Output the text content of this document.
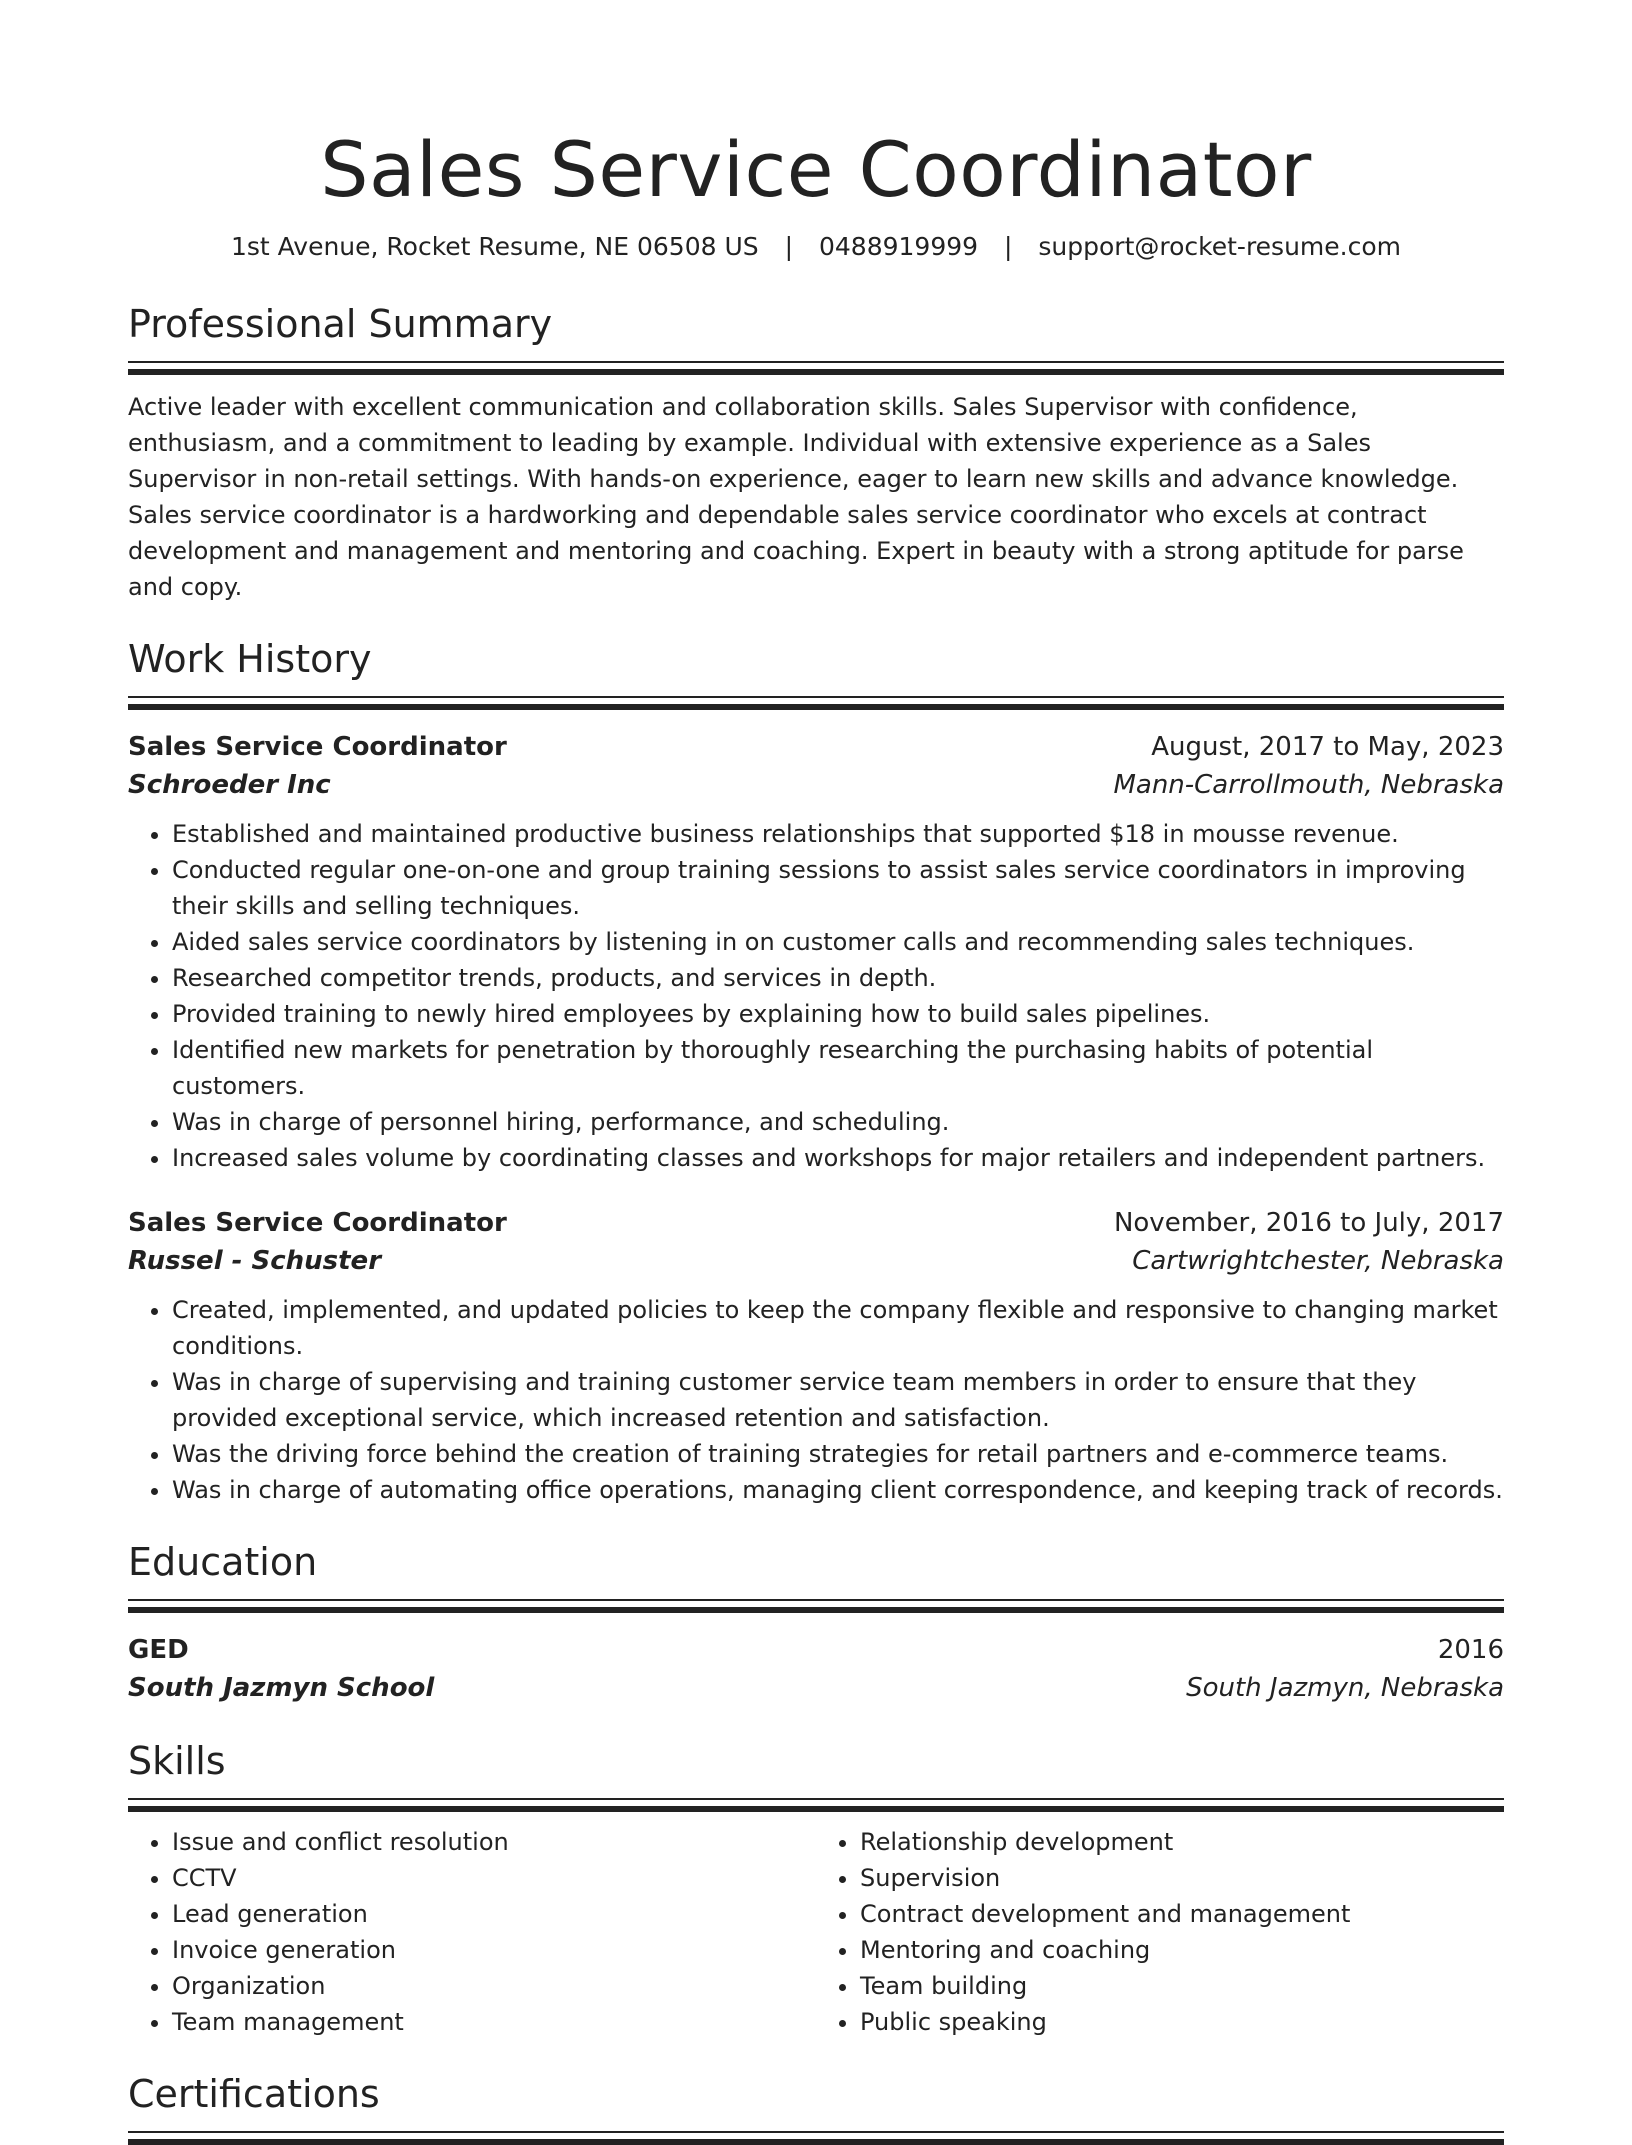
Sales Service Coordinator
1st Avenue, Rocket Resume, NE 06508 US | 0488919999 | support@rocket-resume.com
Professional Summary
Active leader with excellent communication and collaboration skills. Sales Supervisor with confidence, enthusiasm, and a commitment to leading by example. Individual with extensive experience as a Sales Supervisor in non-retail settings. With hands-on experience, eager to learn new skills and advance knowledge. Sales service coordinator is a hardworking and dependable sales service coordinator who excels at contract development and management and mentoring and coaching. Expert in beauty with a strong aptitude for parse and copy.
Work History
Sales Service Coordinator	August, 2017 to May, 2023
Schroeder Inc	Mann-Carrollmouth, Nebraska
• Established and maintained productive business relationships that supported $18 in mousse revenue.
• Conducted regular one-on-one and group training sessions to assist sales service coordinators in improving their skills and selling techniques.
• Aided sales service coordinators by listening in on customer calls and recommending sales techniques.
• Researched competitor trends, products, and services in depth.
• Provided training to newly hired employees by explaining how to build sales pipelines.
• Identified new markets for penetration by thoroughly researching the purchasing habits of potential customers.
• Was in charge of personnel hiring, performance, and scheduling.
• Increased sales volume by coordinating classes and workshops for major retailers and independent partners.
Sales Service Coordinator	November, 2016 to July, 2017
Russel - Schuster	Cartwrightchester, Nebraska
• Created, implemented, and updated policies to keep the company flexible and responsive to changing market conditions.
• Was in charge of supervising and training customer service team members in order to ensure that they provided exceptional service, which increased retention and satisfaction.
• Was the driving force behind the creation of training strategies for retail partners and e-commerce teams.
• Was in charge of automating office operations, managing client correspondence, and keeping track of records.
Education
GED	2016
South Jazmyn School	South Jazmyn, Nebraska
Skills
• Issue and conflict resolution
• CCTV
• Lead generation
• Invoice generation
• Organization
• Team management
• Relationship development
• Supervision
• Contract development and management
• Mentoring and coaching
• Team building
• Public speaking
Certifications
